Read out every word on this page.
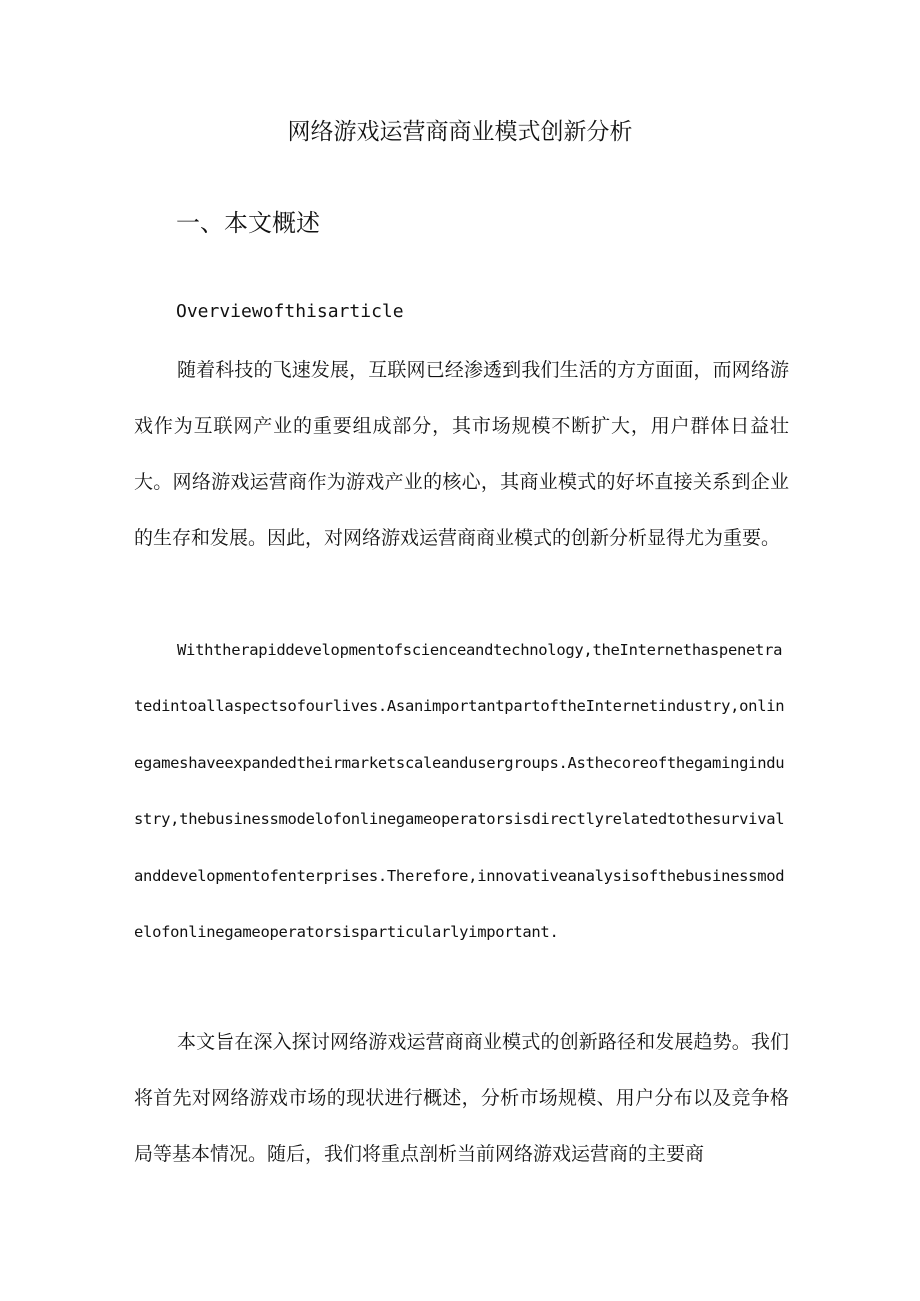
网络游戏运营商商业模式创新分析
一、本文概述

Overviewofthisarticle

随着科技的飞速发展，互联网已经渗透到我们生活的方方面面，而网络游戏作为互联网产业的重要组成部分，其市场规模不断扩大，用户群体日益壮大。网络游戏运营商作为游戏产业的核心，其商业模式的好坏直接关系到企业的生存和发展。因此，对网络游戏运营商商业模式的创新分析显得尤为重要。

Withtherapiddevelopmentofscienceandtechnology,theInternethaspenetratedintoallaspectsofourlives.AsanimportantpartoftheInternetindustry,onlinegameshaveexpandedtheirmarketscaleandusergroups.Asthecoreofthegamingindustry,thebusinessmodelofonlinegameoperatorsisdirectlyrelatedtothesurvivalanddevelopmentofenterprises.Therefore,innovativeanalysisofthebusinessmodelofonlinegameoperatorsisparticularlyimportant.

本文旨在深入探讨网络游戏运营商商业模式的创新路径和发展趋势。我们将首先对网络游戏市场的现状进行概述，分析市场规模、用户分布以及竞争格局等基本情况。随后，我们将重点剖析当前网络游戏运营商的主要商
